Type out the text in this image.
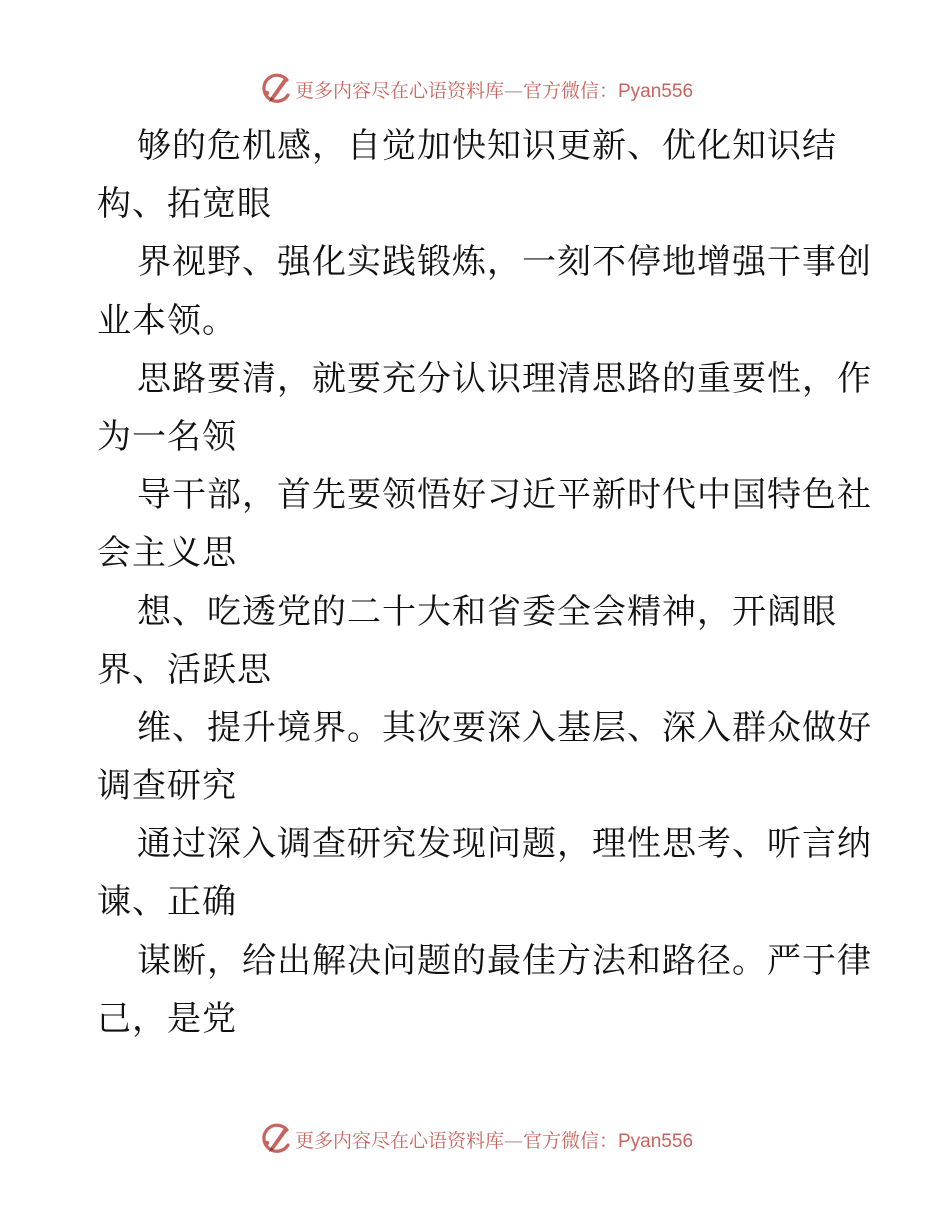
更多内容尽在心语资料库—官方微信：Pyan556
够的危机感，自觉加快知识更新、优化知识结
构、拓宽眼
界视野、强化实践锻炼，一刻不停地增强干事创
业本领。
思路要清，就要充分认识理清思路的重要性，作
为一名领
导干部，首先要领悟好习近平新时代中国特色社
会主义思
想、吃透党的二十大和省委全会精神，开阔眼
界、活跃思
维、提升境界。其次要深入基层、深入群众做好
调查研究
通过深入调查研究发现问题，理性思考、听言纳
谏、正确
谋断，给出解决问题的最佳方法和路径。严于律
己，是党
更多内容尽在心语资料库—官方微信：Pyan556
